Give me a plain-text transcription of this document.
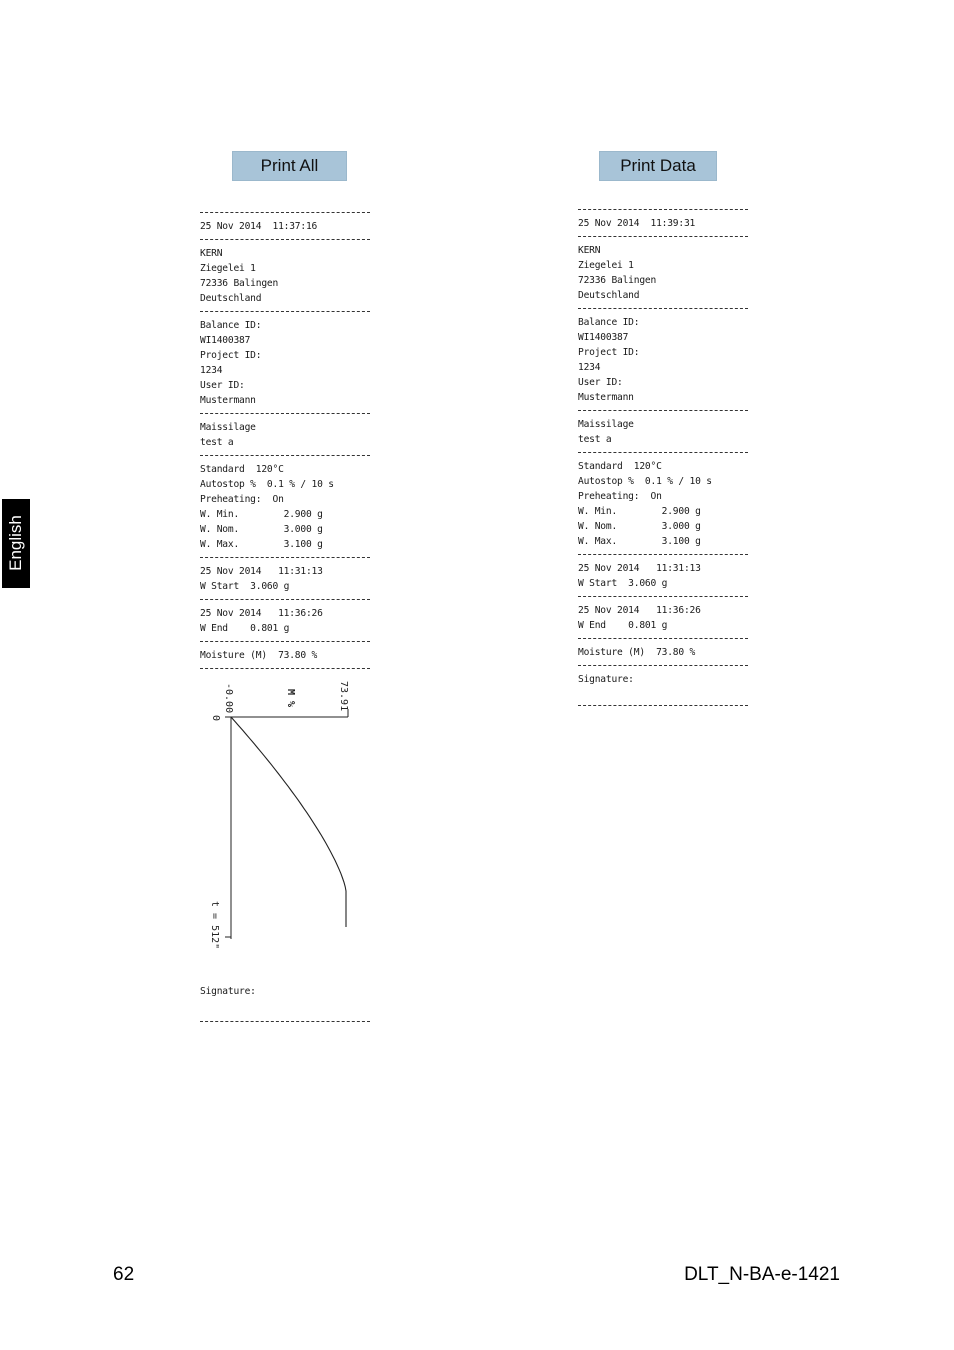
English
Print All	Print Data
25 Nov 2014  11:37:16
KERN
Ziegelei 1
72336 Balingen
Deutschland
Balance ID:
WI1400387
Project ID:
1234
User ID:
Mustermann
Maissilage
test a
Standard  120°C
Autostop %  0.1 % / 10 s
Preheating:  On
W. Min.        2.900 g
W. Nom.        3.000 g
W. Max.        3.100 g
25 Nov 2014   11:31:13
W Start  3.060 g
25 Nov 2014   11:36:26
W End    0.801 g
Moisture (M)  73.80 %
-0.00	M %	73.91
0
t = 512"
Signature:
25 Nov 2014  11:39:31
KERN
Ziegelei 1
72336 Balingen
Deutschland
Balance ID:
WI1400387
Project ID:
1234
User ID:
Mustermann
Maissilage
test a
Standard  120°C
Autostop %  0.1 % / 10 s
Preheating:  On
W. Min.        2.900 g
W. Nom.        3.000 g
W. Max.        3.100 g
25 Nov 2014   11:31:13
W Start  3.060 g
25 Nov 2014   11:36:26
W End    0.801 g
Moisture (M)  73.80 %
Signature:
62	DLT_N-BA-e-1421
